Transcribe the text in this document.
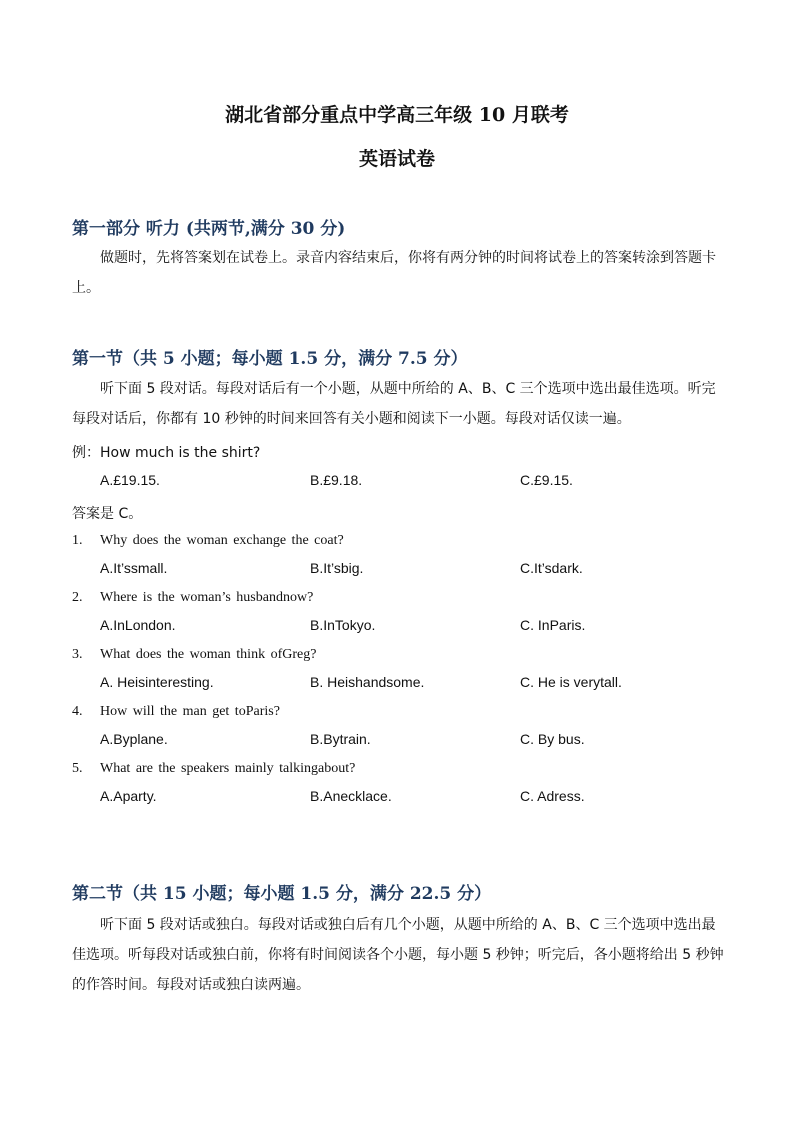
湖北省部分重点中学高三年级 10 月联考
英语试卷
第一部分 听力 (共两节,满分 30 分)
做题时，先将答案划在试卷上。录音内容结束后，你将有两分钟的时间将试卷上的答案转涂到答题卡上。
第一节（共 5 小题；每小题 1.5 分，满分 7.5 分）
听下面 5 段对话。每段对话后有一个小题，从题中所给的 A、B、C 三个选项中选出最佳选项。听完每段对话后，你都有 10 秒钟的时间来回答有关小题和阅读下一小题。每段对话仅读一遍。
例：How much is the shirt?
A.£19.15.	B.£9.18.	C.£9.15.
答案是 C。
1. Why does the woman exchange the coat?
A.It’ssmall.	B.It’sbig.	C.It’sdark.
2. Where is the woman’s husbandnow?
A.InLondon.	B.InTokyo.	C. InParis.
3. What does the woman think ofGreg?
A. Heisinteresting.	B. Heishandsome.	C. He is verytall.
4. How will the man get toParis?
A.Byplane.	B.Bytrain.	C. By bus.
5. What are the speakers mainly talkingabout?
A.Aparty.	B.Anecklace.	C. Adress.
第二节（共 15 小题；每小题 1.5 分，满分 22.5 分）
听下面 5 段对话或独白。每段对话或独白后有几个小题，从题中所给的 A、B、C 三个选项中选出最佳选项。听每段对话或独白前，你将有时间阅读各个小题，每小题 5 秒钟；听完后，各小题将给出 5 秒钟的作答时间。每段对话或独白读两遍。
